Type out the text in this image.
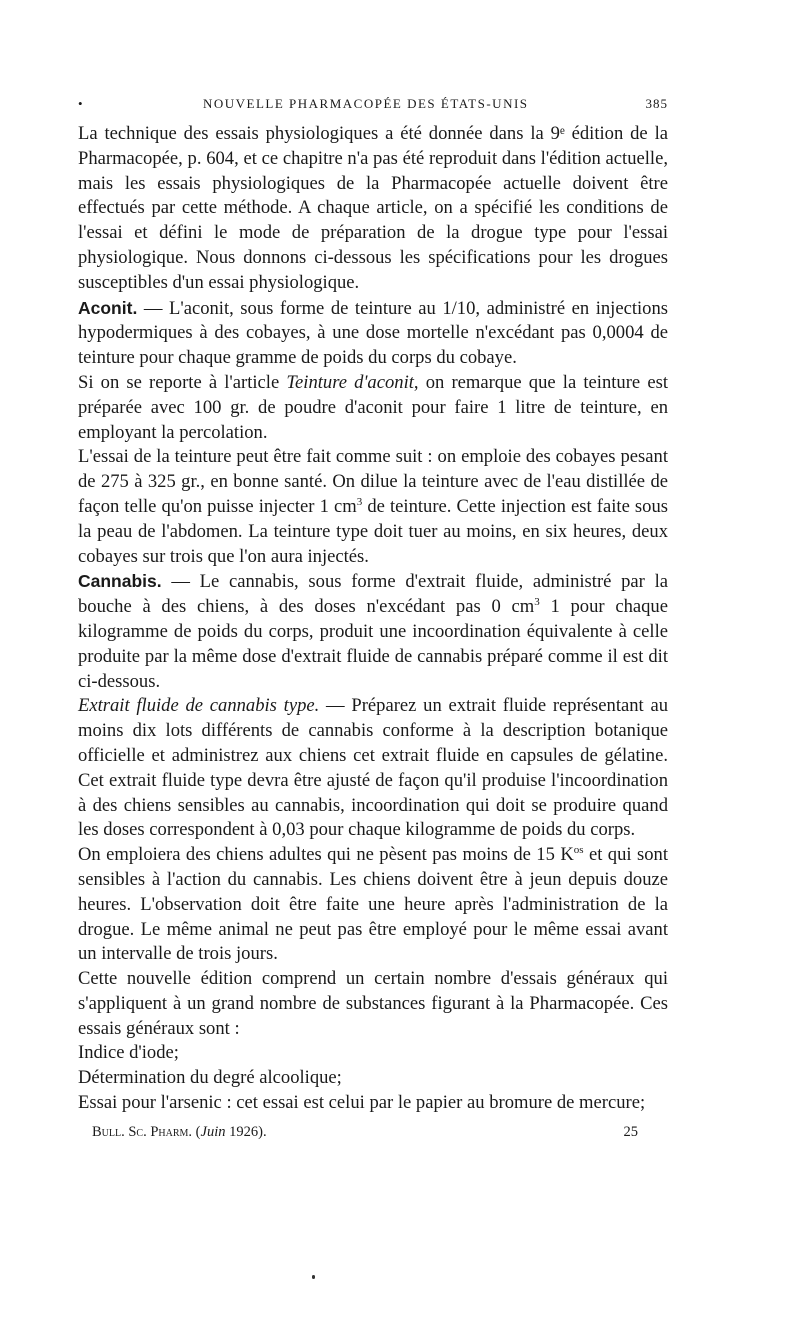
•	NOUVELLE PHARMACOPÉE DES ÉTATS-UNIS	385

La technique des essais physiologiques a été donnée dans la 9ᵉ édition de la Pharmacopée, p. 604, et ce chapitre n'a pas été reproduit dans l'édition actuelle, mais les essais physiologiques de la Pharmacopée actuelle doivent être effectués par cette méthode. A chaque article, on a spécifié les conditions de l'essai et défini le mode de préparation de la drogue type pour l'essai physiologique. Nous donnons ci-dessous les spécifications pour les drogues susceptibles d'un essai physiologique.

Aconit. — L'aconit, sous forme de teinture au 1/10, administré en injections hypodermiques à des cobayes, à une dose mortelle n'excédant pas 0,0004 de teinture pour chaque gramme de poids du corps du cobaye.

Si on se reporte à l'article Teinture d'aconit, on remarque que la teinture est préparée avec 100 gr. de poudre d'aconit pour faire 1 litre de teinture, en employant la percolation.

L'essai de la teinture peut être fait comme suit : on emploie des cobayes pesant de 275 à 325 gr., en bonne santé. On dilue la teinture avec de l'eau distillée de façon telle qu'on puisse injecter 1 $cm^3$ de teinture. Cette injection est faite sous la peau de l'abdomen. La teinture type doit tuer au moins, en six heures, deux cobayes sur trois que l'on aura injectés.

Cannabis. — Le cannabis, sous forme d'extrait fluide, administré par la bouche à des chiens, à des doses n'excédant pas 0 $cm^3$ 1 pour chaque kilogramme de poids du corps, produit une incoordination équivalente à celle produite par la même dose d'extrait fluide de cannabis préparé comme il est dit ci-dessous.

Extrait fluide de cannabis type. — Préparez un extrait fluide représentant au moins dix lots différents de cannabis conforme à la description botanique officielle et administrez aux chiens cet extrait fluide en capsules de gélatine. Cet extrait fluide type devra être ajusté de façon qu'il produise l'incoordination à des chiens sensibles au cannabis, incoordination qui doit se produire quand les doses correspondent à 0,03 pour chaque kilogramme de poids du corps.

On emploiera des chiens adultes qui ne pèsent pas moins de 15 $K^{os}$ et qui sont sensibles à l'action du cannabis. Les chiens doivent être à jeun depuis douze heures. L'observation doit être faite une heure après l'administration de la drogue. Le même animal ne peut pas être employé pour le même essai avant un intervalle de trois jours.

Cette nouvelle édition comprend un certain nombre d'essais généraux qui s'appliquent à un grand nombre de substances figurant à la Pharmacopée. Ces essais généraux sont :

Indice d'iode;

Détermination du degré alcoolique;

Essai pour l'arsenic : cet essai est celui par le papier au bromure de mercure;

Bull. Sc. Pharm. (Juin 1926).	25
